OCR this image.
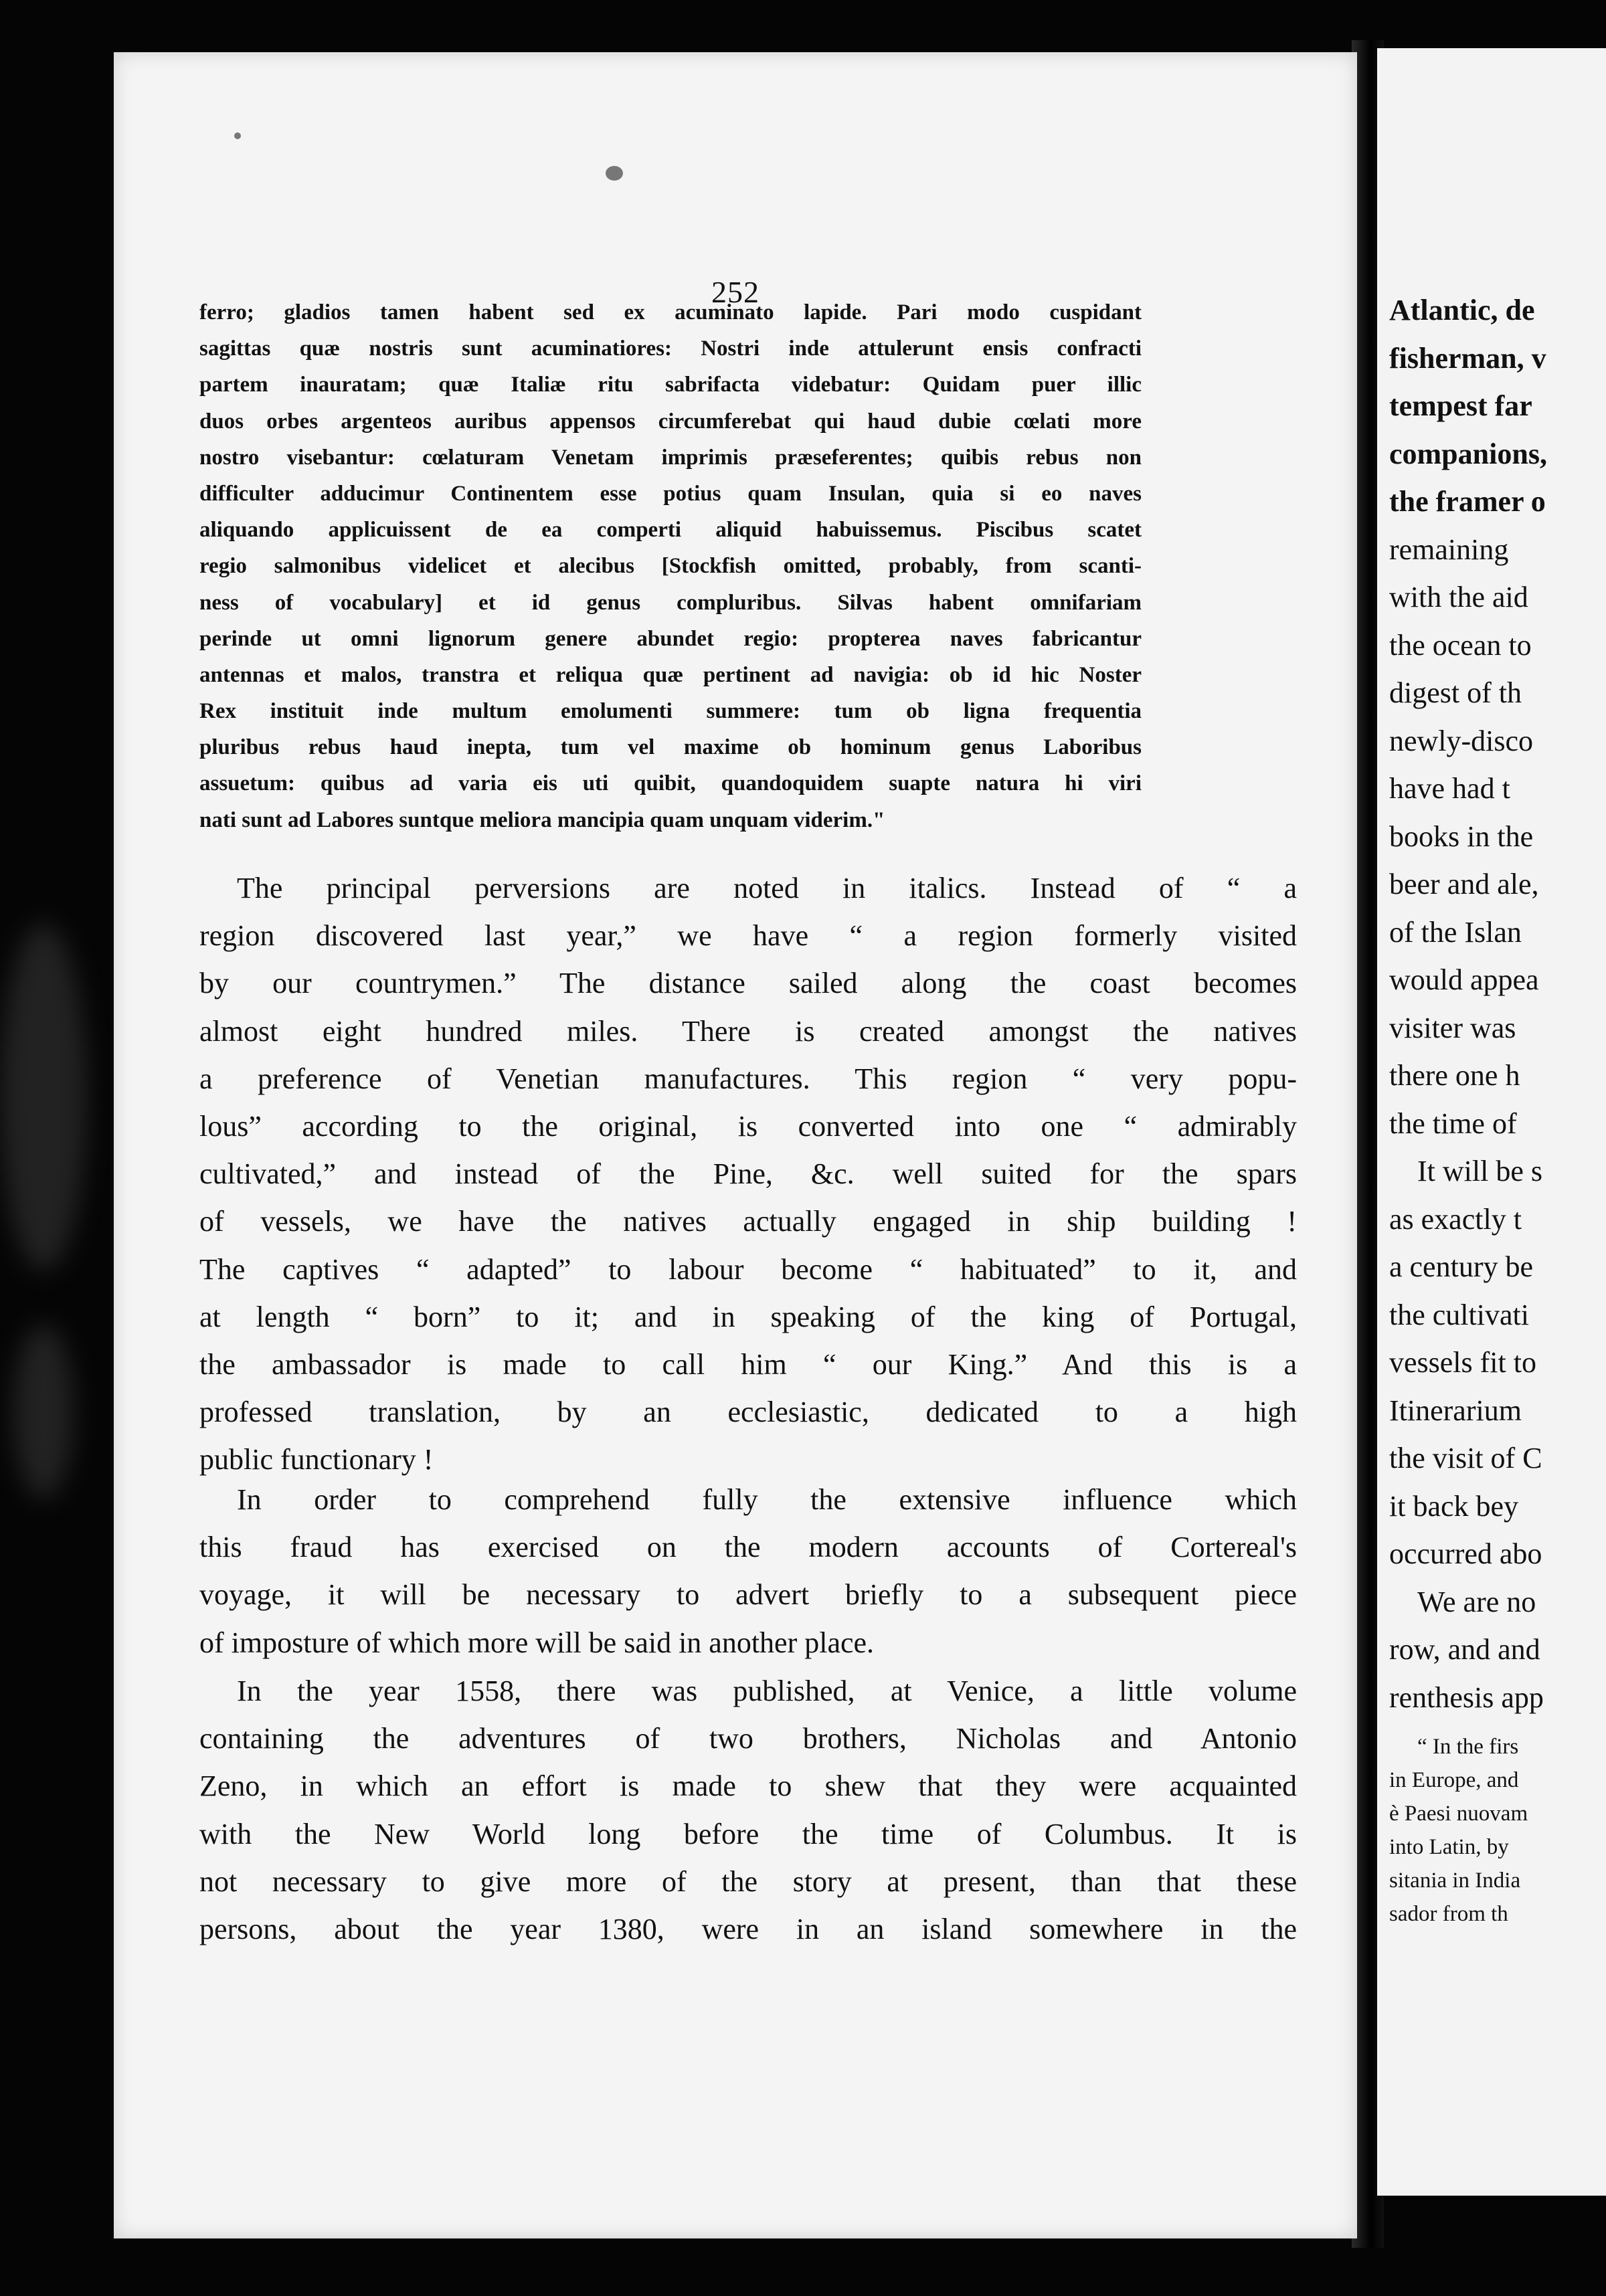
252
ferro; gladios tamen habent sed ex acuminato lapide. Pari modo cuspidant
sagittas quæ nostris sunt acuminatiores: Nostri inde attulerunt ensis confracti
partem inauratam; quæ Italiæ ritu sabrifacta videbatur: Quidam puer illic
duos orbes argenteos auribus appensos circumferebat qui haud dubie cœlati more
nostro visebantur: cœlaturam Venetam imprimis præseferentes; quibis rebus non
difficulter adducimur Continentem esse potius quam Insulan, quia si eo naves
aliquando applicuissent de ea comperti aliquid habuissemus. Piscibus scatet
regio salmonibus videlicet et alecibus [Stockfish omitted, probably, from scanti-
ness of vocabulary] et id genus compluribus. Silvas habent omnifariam
perinde ut omni lignorum genere abundet regio: propterea naves fabricantur
antennas et malos, transtra et reliqua quæ pertinent ad navigia: ob id hic Noster
Rex instituit inde multum emolumenti summere: tum ob ligna frequentia
pluribus rebus haud inepta, tum vel maxime ob hominum genus Laboribus
assuetum: quibus ad varia eis uti quibit, quandoquidem suapte natura hi viri
nati sunt ad Labores suntque meliora mancipia quam unquam viderim."
The principal perversions are noted in italics. Instead of “ a
region discovered last year,” we have “ a region formerly visited
by our countrymen.” The distance sailed along the coast becomes
almost eight hundred miles. There is created amongst the natives
a preference of Venetian manufactures. This region “ very popu-
lous” according to the original, is converted into one “ admirably
cultivated,” and instead of the Pine, &c. well suited for the spars
of vessels, we have the natives actually engaged in ship building !
The captives “ adapted” to labour become “ habituated” to it, and
at length “ born” to it; and in speaking of the king of Portugal,
the ambassador is made to call him “ our King.” And this is a
professed translation, by an ecclesiastic, dedicated to a high
public functionary !
In order to comprehend fully the extensive influence which
this fraud has exercised on the modern accounts of Cortereal's
voyage, it will be necessary to advert briefly to a subsequent piece
of imposture of which more will be said in another place.
In the year 1558, there was published, at Venice, a little volume
containing the adventures of two brothers, Nicholas and Antonio
Zeno, in which an effort is made to shew that they were acquainted
with the New World long before the time of Columbus. It is
not necessary to give more of the story at present, than that these
persons, about the year 1380, were in an island somewhere in the
Atlantic, de
fisherman, v
tempest far
companions,
the framer o
remaining
with the aid
the ocean to
digest of th
newly-disco
have had t
books in the
beer and ale,
of the Islan
would appea
visiter was
there one h
the time of
It will be s
as exactly t
a century be
the cultivati
vessels fit to
Itinerarium
the visit of C
it back bey
occurred abo
We are no
row, and and
renthesis app
“ In the firs
in Europe, and
è Paesi nuovam
into Latin, by
sitania in India
sador from th
